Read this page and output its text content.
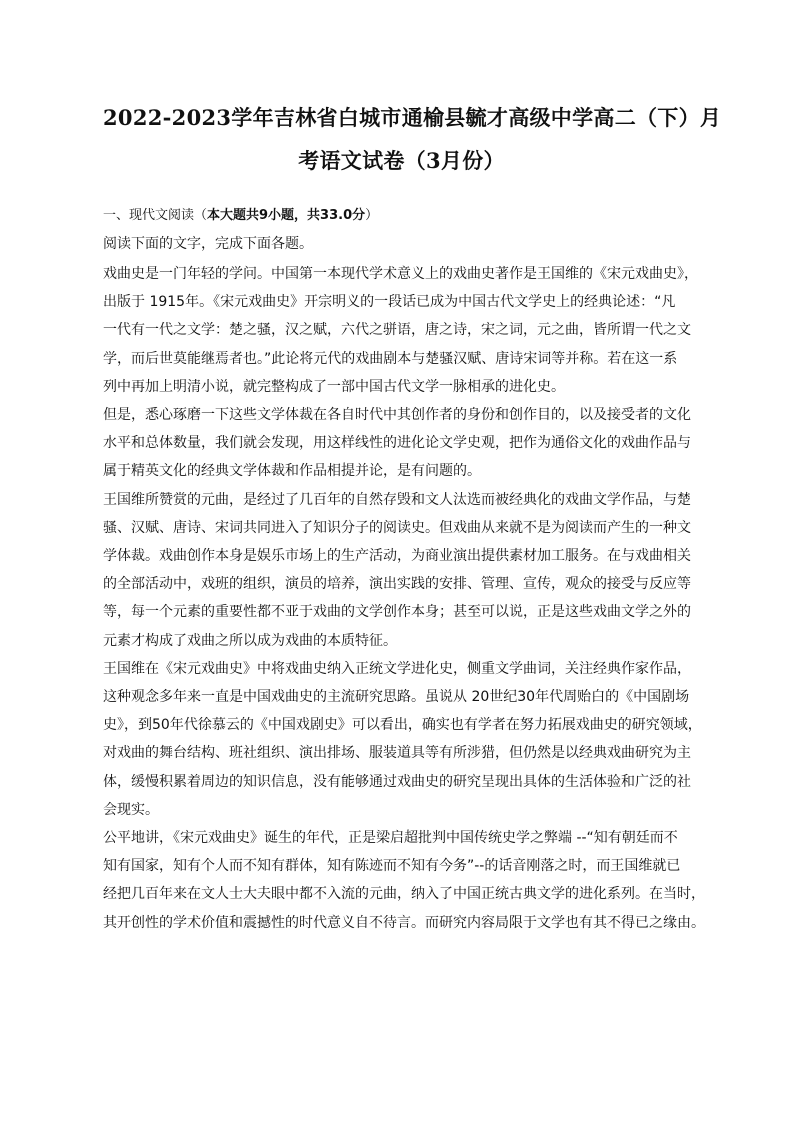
2022-2023学年吉林省白城市通榆县毓才高级中学高二（下）月
考语文试卷（3月份）

一、现代文阅读（本大题共9小题，共33.0分）

阅读下面的文字，完成下面各题。

戏曲史是一门年轻的学问。中国第一本现代学术意义上的戏曲史著作是王国维的《宋元戏曲史》，
出版于 1915年。《宋元戏曲史》开宗明义的一段话已成为中国古代文学史上的经典论述：“凡
一代有一代之文学：楚之骚，汉之赋，六代之骈语，唐之诗，宋之词，元之曲，皆所谓一代之文
学，而后世莫能继焉者也。”此论将元代的戏曲剧本与楚骚汉赋、唐诗宋词等并称。若在这一系
列中再加上明清小说，就完整构成了一部中国古代文学一脉相承的进化史。

但是，悉心琢磨一下这些文学体裁在各自时代中其创作者的身份和创作目的，以及接受者的文化
水平和总体数量，我们就会发现，用这样线性的进化论文学史观，把作为通俗文化的戏曲作品与
属于精英文化的经典文学体裁和作品相提并论，是有问题的。

王国维所赞赏的元曲，是经过了几百年的自然存毁和文人汰选而被经典化的戏曲文学作品，与楚
骚、汉赋、唐诗、宋词共同进入了知识分子的阅读史。但戏曲从来就不是为阅读而产生的一种文
学体裁。戏曲创作本身是娱乐市场上的生产活动，为商业演出提供素材加工服务。在与戏曲相关
的全部活动中，戏班的组织，演员的培养，演出实践的安排、管理、宣传，观众的接受与反应等
等，每一个元素的重要性都不亚于戏曲的文学创作本身；甚至可以说，正是这些戏曲文学之外的
元素才构成了戏曲之所以成为戏曲的本质特征。

王国维在《宋元戏曲史》中将戏曲史纳入正统文学进化史，侧重文学曲词，关注经典作家作品，
这种观念多年来一直是中国戏曲史的主流研究思路。虽说从 20世纪30年代周贻白的《中国剧场
史》，到50年代徐慕云的《中国戏剧史》可以看出，确实也有学者在努力拓展戏曲史的研究领域，
对戏曲的舞台结构、班社组织、演出排场、服装道具等有所涉猎，但仍然是以经典戏曲研究为主
体，缓慢积累着周边的知识信息，没有能够通过戏曲史的研究呈现出具体的生活体验和广泛的社
会现实。

公平地讲，《宋元戏曲史》诞生的年代，正是梁启超批判中国传统史学之弊端 --“知有朝廷而不
知有国家，知有个人而不知有群体，知有陈迹而不知有今务”--的话音刚落之时，而王国维就已
经把几百年来在文人士大夫眼中都不入流的元曲，纳入了中国正统古典文学的进化系列。在当时，
其开创性的学术价值和震撼性的时代意义自不待言。而研究内容局限于文学也有其不得已之缘由。
